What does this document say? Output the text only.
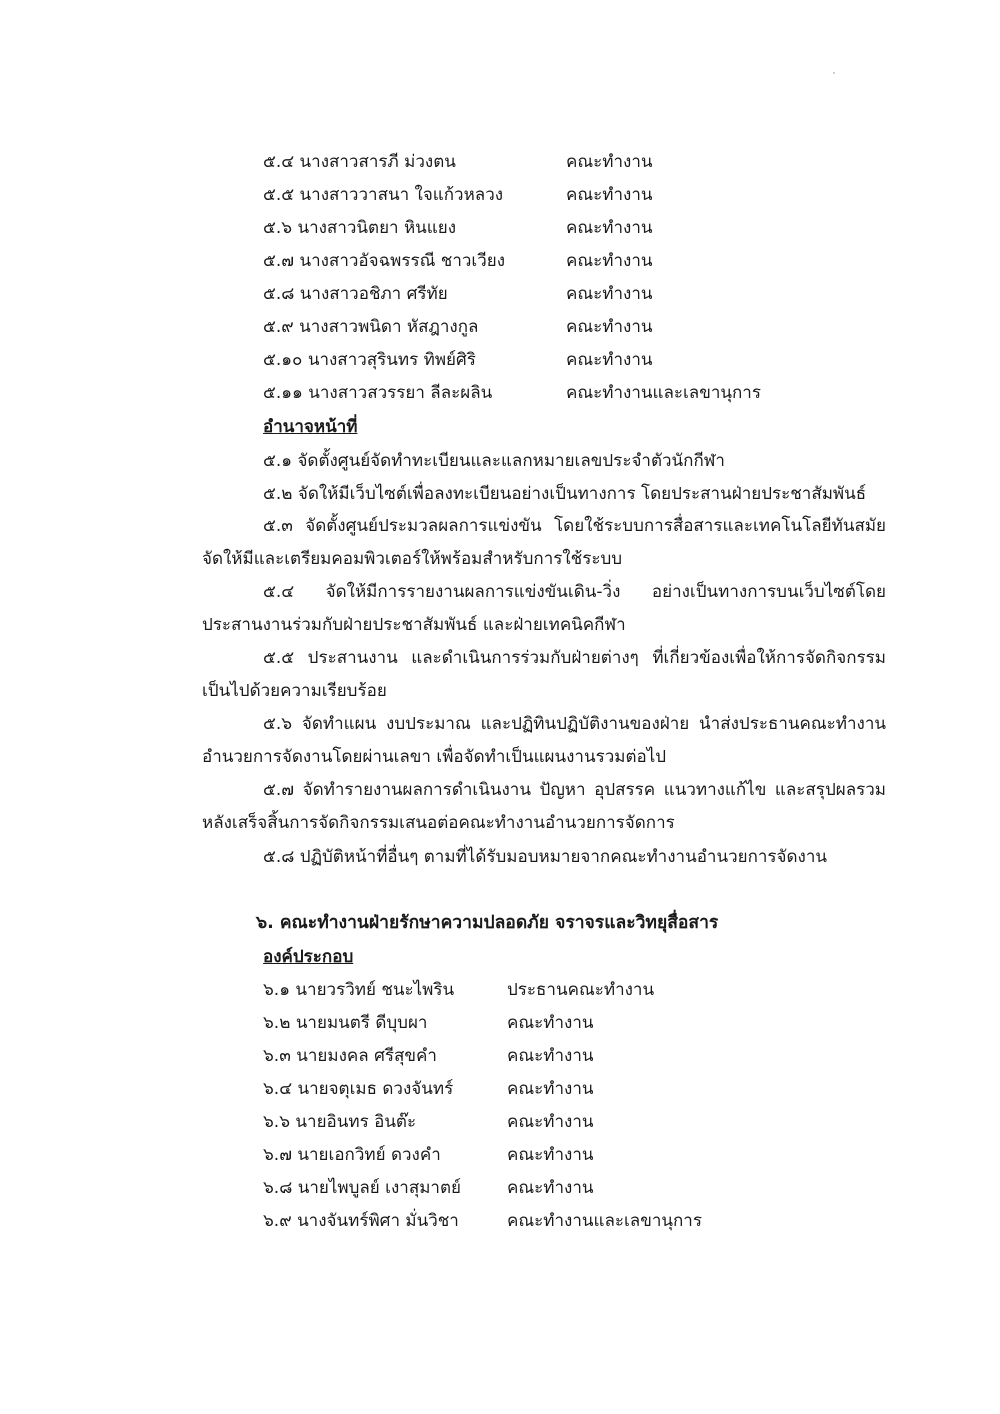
๕.๔ นางสาวสารภี ม่วงตน	คณะทำงาน
๕.๕ นางสาววาสนา ใจแก้วหลวง	คณะทำงาน
๕.๖ นางสาวนิตยา หินแยง	คณะทำงาน
๕.๗ นางสาวอัจฉพรรณี ชาวเวียง	คณะทำงาน
๕.๘ นางสาวอชิภา ศรีทัย	คณะทำงาน
๕.๙ นางสาวพนิดา หัสฎางกูล	คณะทำงาน
๕.๑๐ นางสาวสุรินทร ทิพย์ศิริ	คณะทำงาน
๕.๑๑ นางสาวสวรรยา ลีละผลิน	คณะทำงานและเลขานุการ
อำนาจหน้าที่
๕.๑ จัดตั้งศูนย์จัดทำทะเบียนและแลกหมายเลขประจำตัวนักกีฬา
๕.๒ จัดให้มีเว็บไซต์เพื่อลงทะเบียนอย่างเป็นทางการ โดยประสานฝ่ายประชาสัมพันธ์
๕.๓ จัดตั้งศูนย์ประมวลผลการแข่งขัน โดยใช้ระบบการสื่อสารและเทคโนโลยีทันสมัย จัดให้มีและเตรียมคอมพิวเตอร์ให้พร้อมสำหรับการใช้ระบบ
๕.๔ จัดให้มีการรายงานผลการแข่งขันเดิน-วิ่ง อย่างเป็นทางการบนเว็บไซต์โดยประสานงานร่วมกับฝ่ายประชาสัมพันธ์ และฝ่ายเทคนิคกีฬา
๕.๕ ประสานงาน และดำเนินการร่วมกับฝ่ายต่างๆ ที่เกี่ยวข้องเพื่อให้การจัดกิจกรรมเป็นไปด้วยความเรียบร้อย
๕.๖ จัดทำแผน งบประมาณ และปฏิทินปฏิบัติงานของฝ่าย นำส่งประธานคณะทำงานอำนวยการจัดงานโดยผ่านเลขา เพื่อจัดทำเป็นแผนงานรวมต่อไป
๕.๗ จัดทำรายงานผลการดำเนินงาน ปัญหา อุปสรรค แนวทางแก้ไข และสรุปผลรวมหลังเสร็จสิ้นการจัดกิจกรรมเสนอต่อคณะทำงานอำนวยการจัดการ
๕.๘ ปฏิบัติหน้าที่อื่นๆ ตามที่ได้รับมอบหมายจากคณะทำงานอำนวยการจัดงาน
๖. คณะทำงานฝ่ายรักษาความปลอดภัย จราจรและวิทยุสื่อสาร
องค์ประกอบ
๖.๑ นายวรวิทย์ ชนะไพริน	ประธานคณะทำงาน
๖.๒ นายมนตรี ดีบุบผา	คณะทำงาน
๖.๓ นายมงคล ศรีสุขคำ	คณะทำงาน
๖.๔ นายจตุเมธ ดวงจันทร์	คณะทำงาน
๖.๖ นายอินทร อินต๊ะ	คณะทำงาน
๖.๗ นายเอกวิทย์ ดวงคำ	คณะทำงาน
๖.๘ นายไพบูลย์ เงาสุมาตย์	คณะทำงาน
๖.๙ นางจันทร์พิศา มั่นวิชา	คณะทำงานและเลขานุการ
